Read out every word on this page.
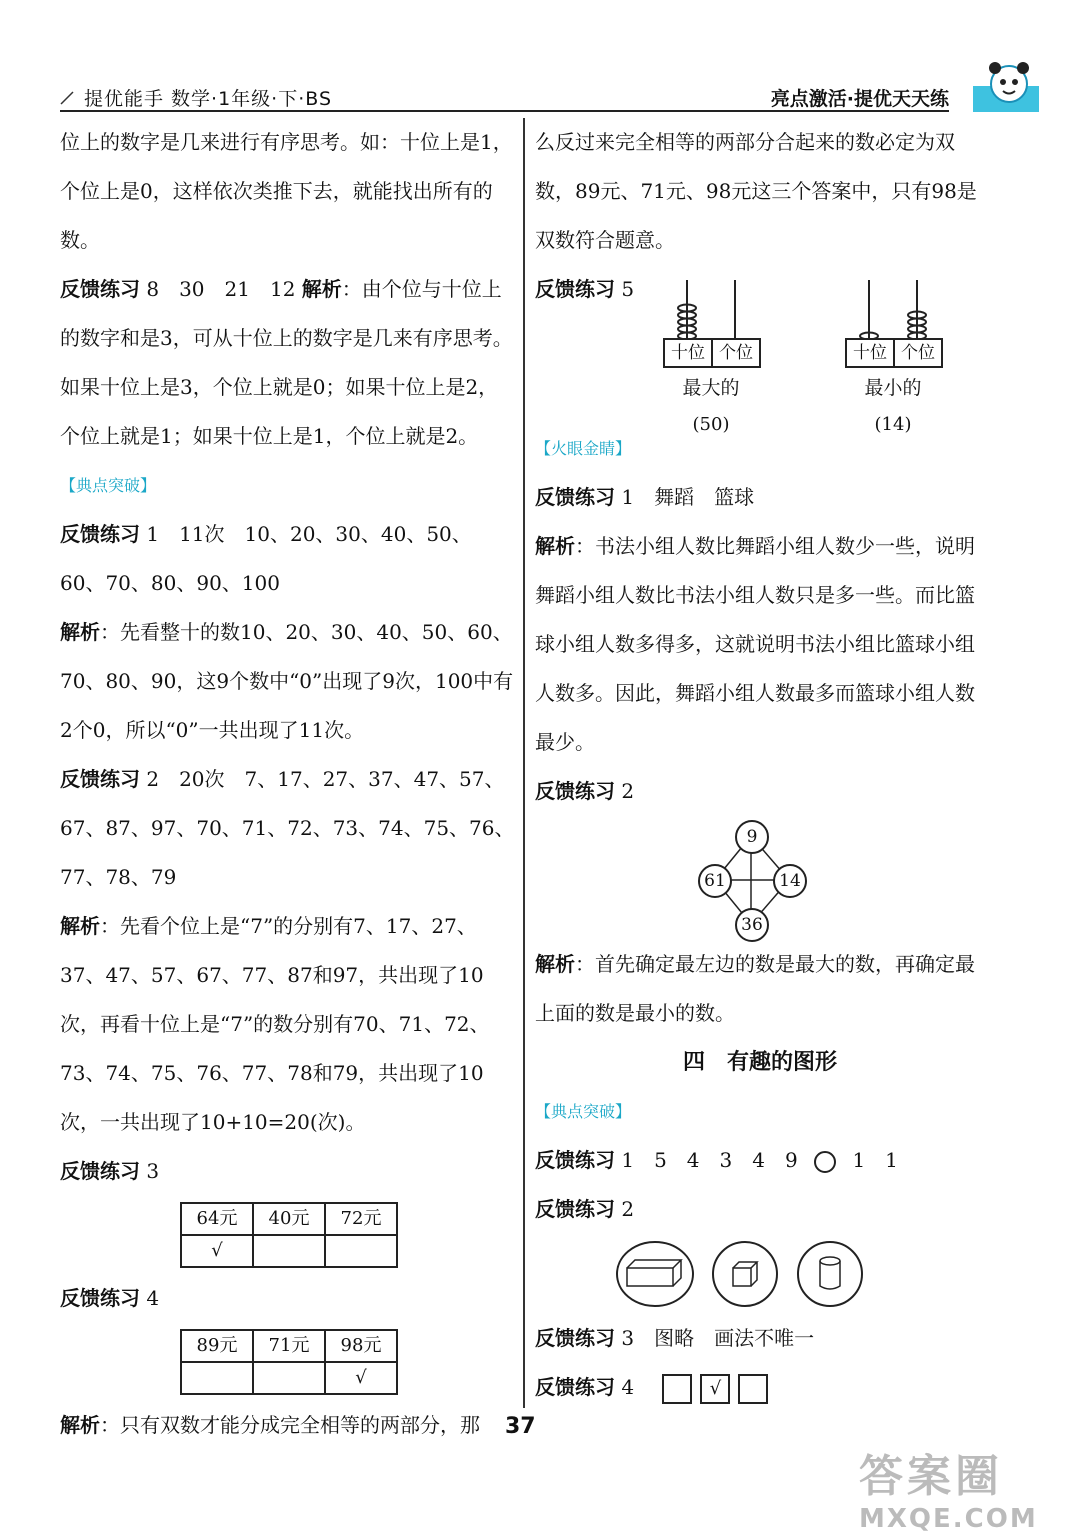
提优能手 数学·1年级·下·BS	亮点激活·提优天天练

位上的数字是几来进行有序思考。如：十位上是1，个位上是0，这样依次类推下去，就能找出所有的数。

反馈练习 8　30　21　12 解析：由个位与十位上的数字和是3，可从十位上的数字是几来有序思考。如果十位上是3，个位上就是0；如果十位上是2，个位上就是1；如果十位上是1，个位上就是2。

【典点突破】

反馈练习 1　11次　10、20、30、40、50、60、70、80、90、100

解析：先看整十的数10、20、30、40、50、60、70、80、90，这9个数中“0”出现了9次，100中有2个0，所以“0”一共出现了11次。

反馈练习 2　20次　7、17、27、37、47、57、67、87、97、70、71、72、73、74、75、76、77、78、79

解析：先看个位上是“7”的分别有7、17、27、37、47、57、67、77、87和97，共出现了10次，再看十位上是“7”的数分别有70、71、72、73、74、75、76、77、78和79，共出现了10次，一共出现了10+10=20(次)。

反馈练习 3

64元	40元	72元
√		

反馈练习 4

89元	71元	98元
		√

解析：只有双数才能分成完全相等的两部分，那

么反过来完全相等的两部分合起来的数必定为双数，89元、71元、98元这三个答案中，只有98是双数符合题意。

反馈练习 5

十位 个位
最大的
(50)
十位 个位
最小的
(14)
【火眼金睛】

反馈练习 1　舞蹈　篮球

解析：书法小组人数比舞蹈小组人数少一些，说明舞蹈小组人数比书法小组人数只是多一些。而比篮球小组人数多得多，这就说明书法小组比篮球小组人数多。因此，舞蹈小组人数最多而篮球小组人数最少。

反馈练习 2

9
61	14
36

解析：首先确定最左边的数是最大的数，再确定最上面的数是最小的数。

四　有趣的图形
【典点突破】

反馈练习 1　5　4　3　4　9	1　1

反馈练习 2

反馈练习 3　图略　画法不唯一

反馈练习 4	√

37
答案圈
MXQE.COM
